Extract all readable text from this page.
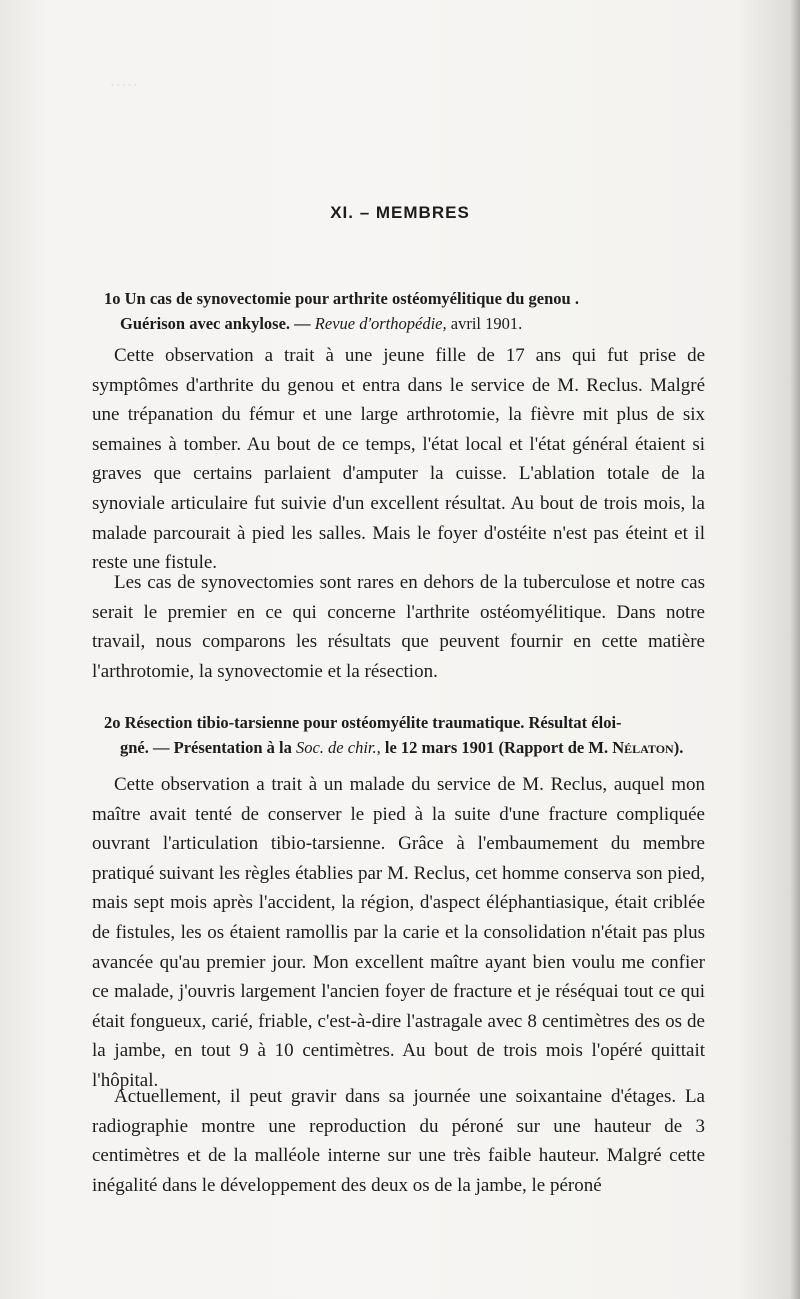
.....
XI. – MEMBRES
1o Un cas de synovectomie pour arthrite ostéomyélitique du genou .
Guérison avec ankylose. — Revue d'orthopédie, avril 1901.

Cette observation a trait à une jeune fille de 17 ans qui fut prise de symptômes d'arthrite du genou et entra dans le service de M. Reclus. Malgré une trépanation du fémur et une large arthrotomie, la fièvre mit plus de six semaines à tomber. Au bout de ce temps, l'état local et l'état général étaient si graves que certains parlaient d'amputer la cuisse. L'ablation totale de la synoviale articulaire fut suivie d'un excellent résultat. Au bout de trois mois, la malade parcourait à pied les salles. Mais le foyer d'ostéite n'est pas éteint et il reste une fistule.

Les cas de synovectomies sont rares en dehors de la tuberculose et notre cas serait le premier en ce qui concerne l'arthrite ostéomyélitique. Dans notre travail, nous comparons les résultats que peuvent fournir en cette matière l'arthrotomie, la synovectomie et la résection.

2o Résection tibio-tarsienne pour ostéomyélite traumatique. Résultat éloi-
gné. — Présentation à la Soc. de chir., le 12 mars 1901 (Rapport de M. Nélaton).

Cette observation a trait à un malade du service de M. Reclus, auquel mon maître avait tenté de conserver le pied à la suite d'une fracture compliquée ouvrant l'articulation tibio-tarsienne. Grâce à l'embaumement du membre pratiqué suivant les règles établies par M. Reclus, cet homme conserva son pied, mais sept mois après l'accident, la région, d'aspect éléphantiasique, était criblée de fistules, les os étaient ramollis par la carie et la consolidation n'était pas plus avancée qu'au premier jour. Mon excellent maître ayant bien voulu me confier ce malade, j'ouvris largement l'ancien foyer de fracture et je réséquai tout ce qui était fongueux, carié, friable, c'est-à-dire l'astragale avec 8 centimètres des os de la jambe, en tout 9 à 10 centimètres. Au bout de trois mois l'opéré quittait l'hôpital.

Actuellement, il peut gravir dans sa journée une soixantaine d'étages. La radiographie montre une reproduction du péroné sur une hauteur de 3 centimètres et de la malléole interne sur une très faible hauteur. Malgré cette inégalité dans le développement des deux os de la jambe, le péroné
